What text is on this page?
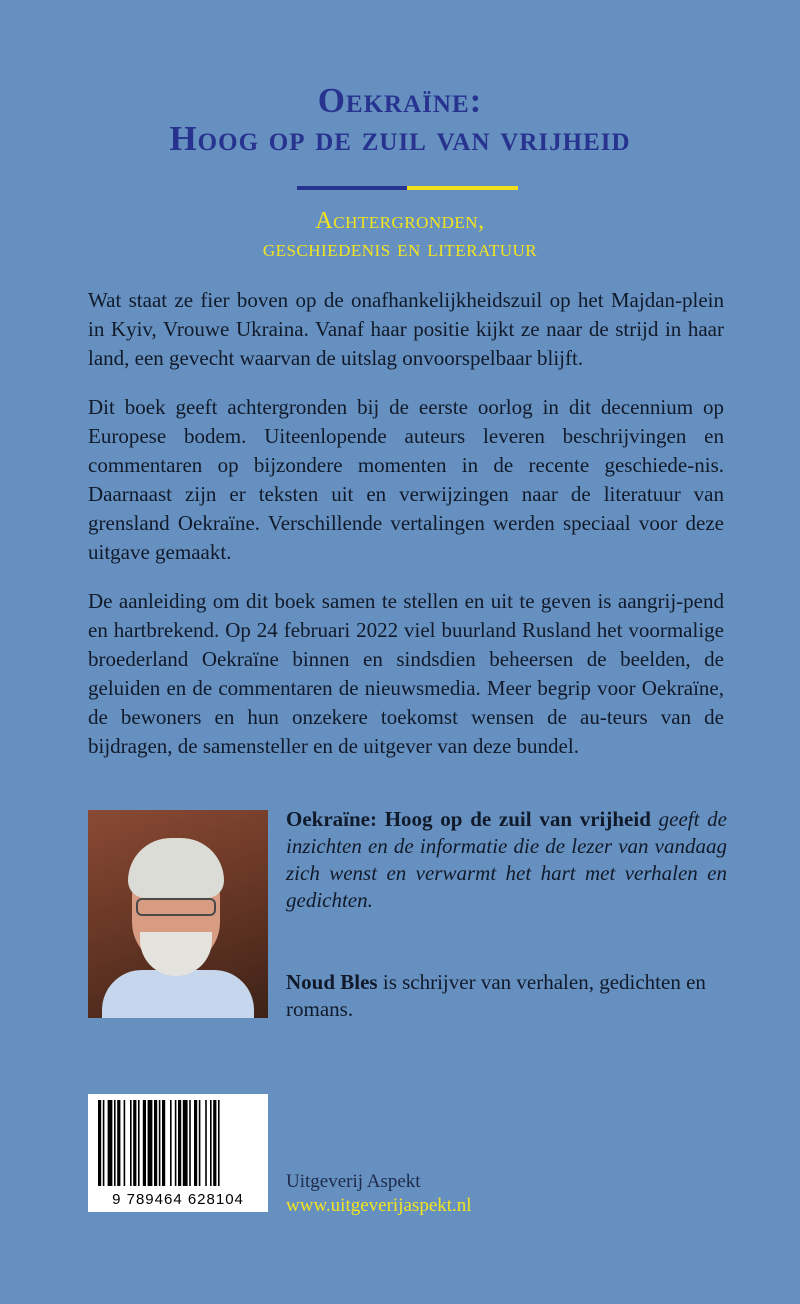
Oekraïne:
Hoog op de zuil van vrijheid
Achtergronden,
geschiedenis en literatuur

Wat staat ze fier boven op de onafhankelijkheidszuil op het Majdan-plein in Kyiv, Vrouwe Ukraina. Vanaf haar positie kijkt ze naar de strijd in haar land, een gevecht waarvan de uitslag onvoorspelbaar blijft.

Dit boek geeft achtergronden bij de eerste oorlog in dit decennium op Europese bodem. Uiteenlopende auteurs leveren beschrijvingen en commentaren op bijzondere momenten in de recente geschiede-nis. Daarnaast zijn er teksten uit en verwijzingen naar de literatuur van grensland Oekraïne. Verschillende vertalingen werden speciaal voor deze uitgave gemaakt.

De aanleiding om dit boek samen te stellen en uit te geven is aangrij-pend en hartbrekend. Op 24 februari 2022 viel buurland Rusland het voormalige broederland Oekraïne binnen en sindsdien beheersen de beelden, de geluiden en de commentaren de nieuwsmedia. Meer begrip voor Oekraïne, de bewoners en hun onzekere toekomst wensen de au-teurs van de bijdragen, de samensteller en de uitgever van deze bundel.

Oekraïne: Hoog op de zuil van vrijheid geeft de inzichten en de informatie die de lezer van vandaag zich wenst en verwarmt het hart met verhalen en gedichten.
Noud Bles is schrijver van verhalen, gedichten en romans.
9 789464 628104
Uitgeverij Aspekt
www.uitgeverijaspekt.nl
